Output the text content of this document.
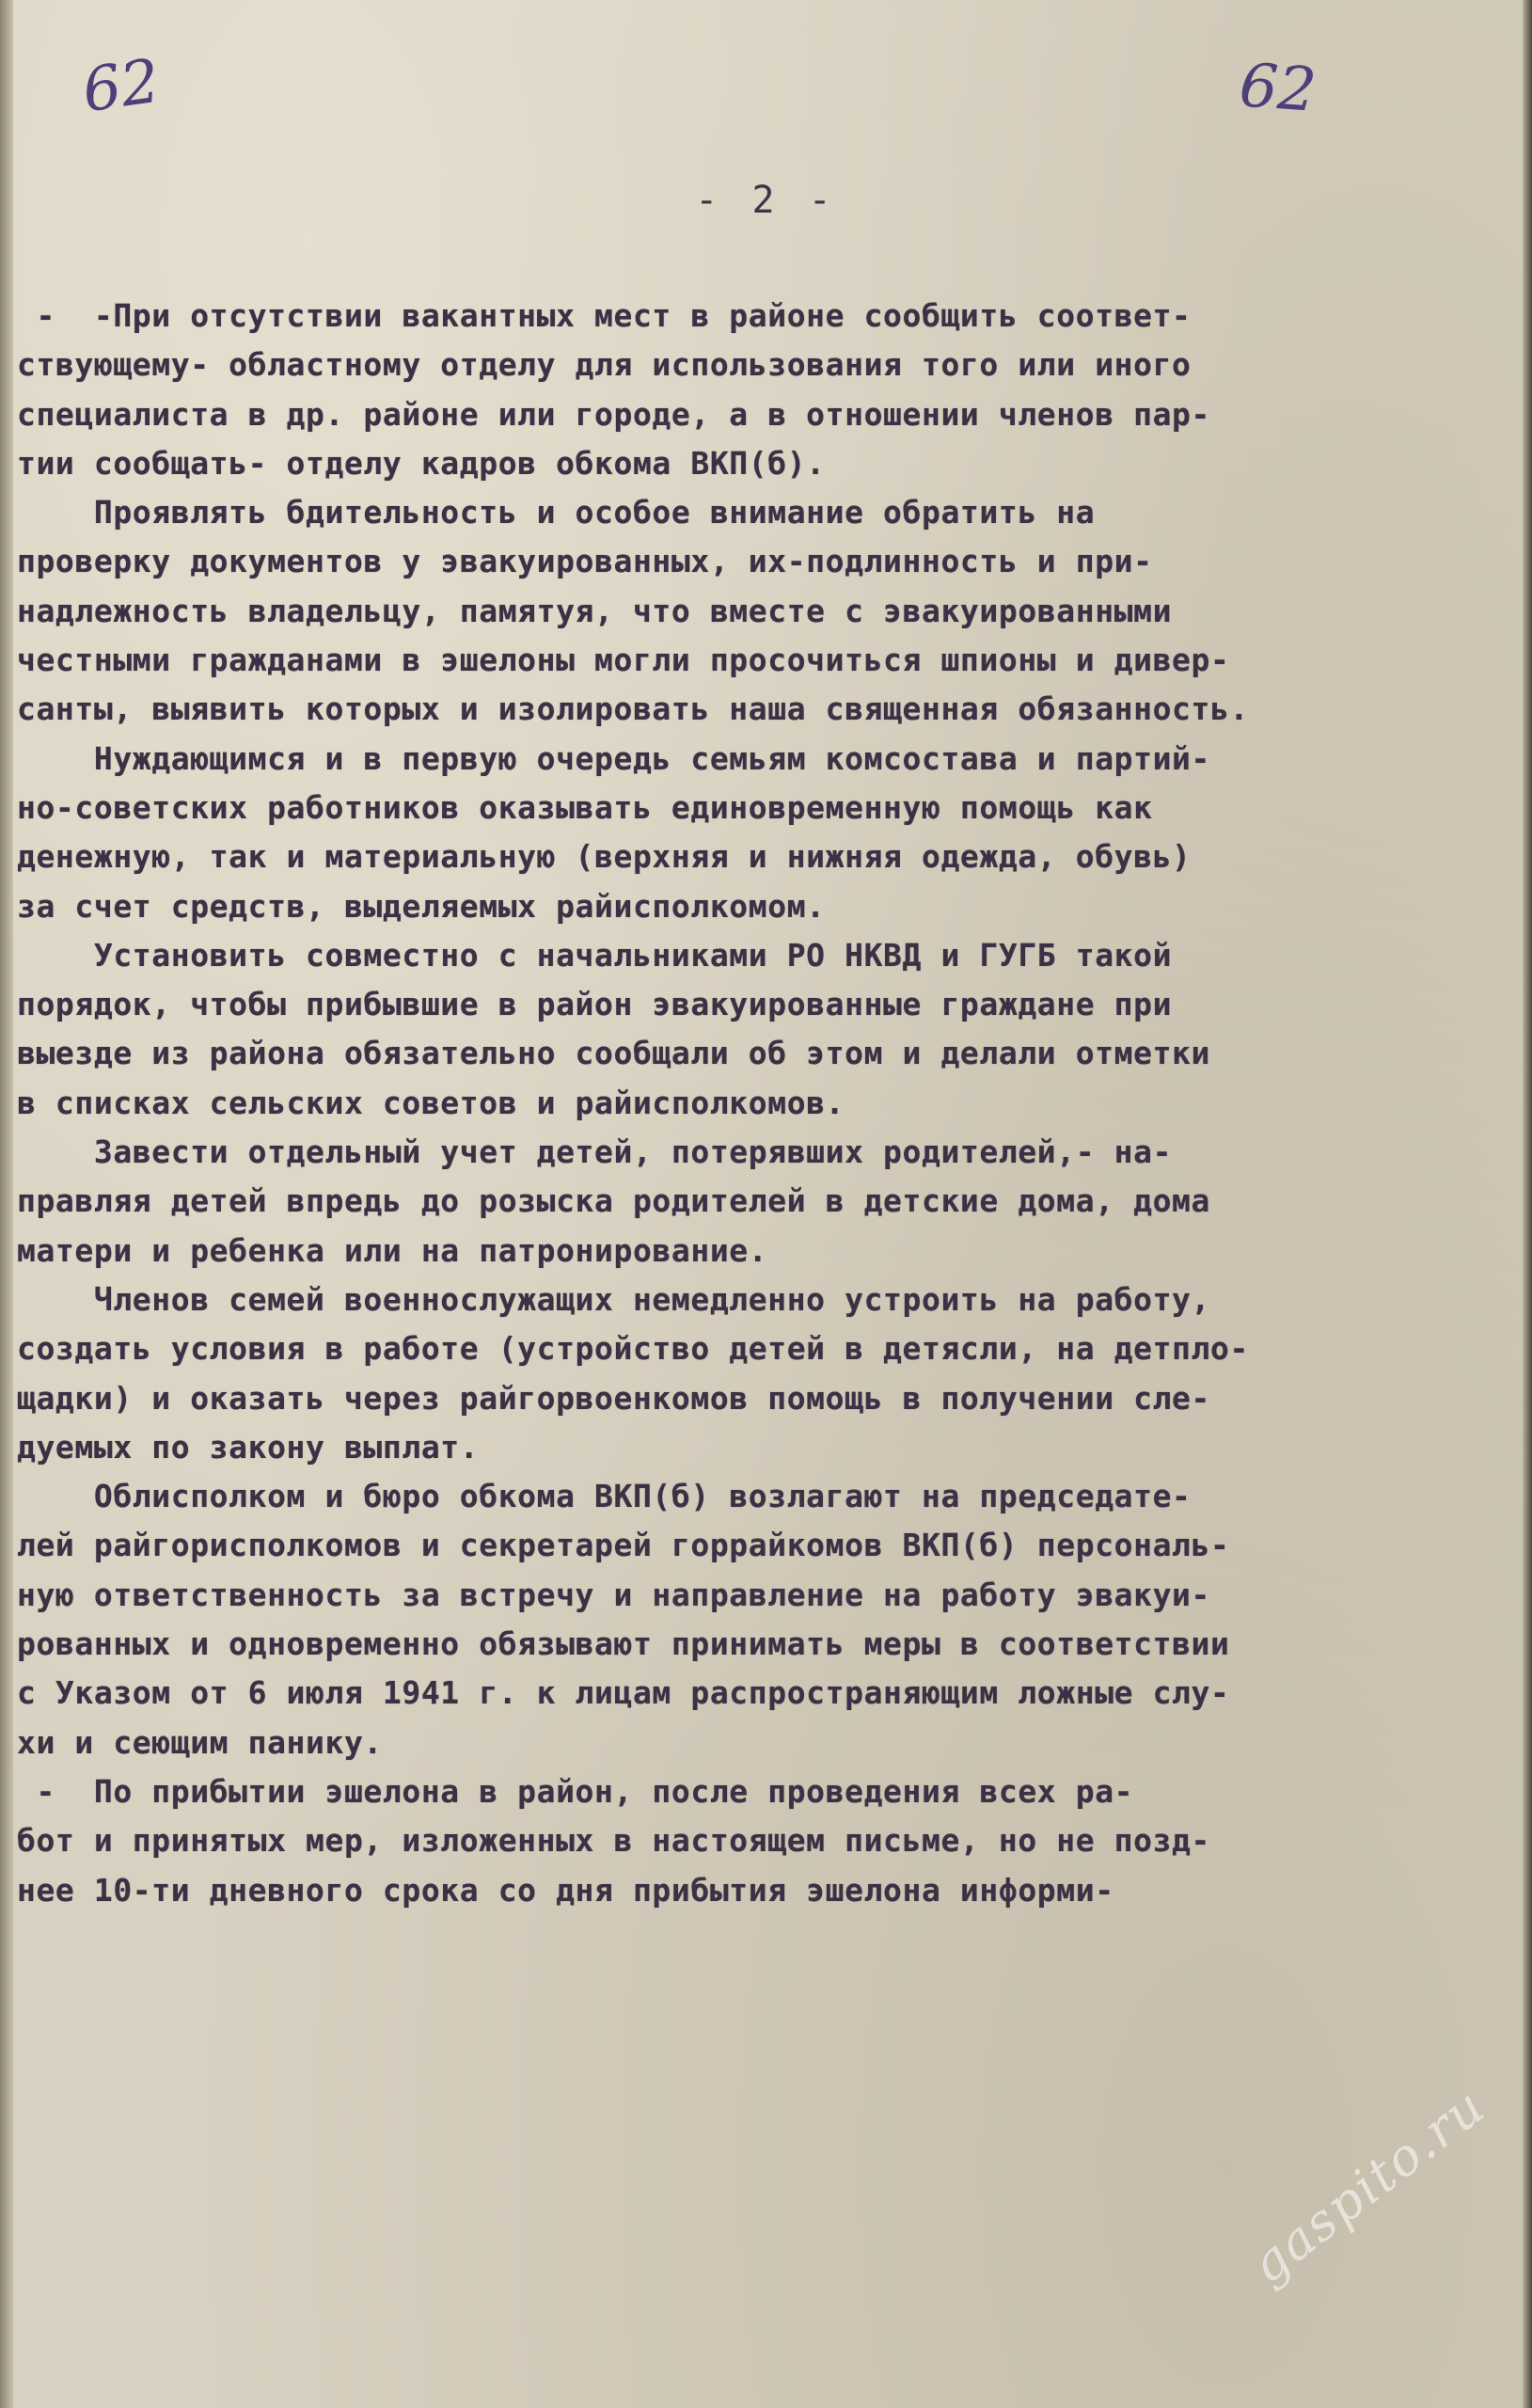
62	62
- 2 -
-  -При отсутствии вакантных мест в районе сообщить соответ-
ствующему- областному отделу для использования того или иного
специалиста в др. районе или городе, а в отношении членов пар-
тии сообщать- отделу кадров обкома ВКП(б).
Проявлять бдительность и особое внимание обратить на
проверку документов у эвакуированных, их-подлинность и при-
надлежность владельцу, памятуя, что вместе с эвакуированными
честными гражданами в эшелоны могли просочиться шпионы и дивер-
санты, выявить которых и изолировать наша священная обязанность.
Нуждающимся и в первую очередь семьям комсостава и партий-
но-советских работников оказывать единовременную помощь как
денежную, так и материальную (верхняя и нижняя одежда, обувь)
за счет средств, выделяемых райисполкомом.
Установить совместно с начальниками РО НКВД и ГУГБ такой
порядок, чтобы прибывшие в район эвакуированные граждане при
выезде из района обязательно сообщали об этом и делали отметки
в списках сельских советов и райисполкомов.
Завести отдельный учет детей, потерявших родителей,- на-
правляя детей впредь до розыска родителей в детские дома, дома
матери и ребенка или на патронирование.
Членов семей военнослужащих немедленно устроить на работу,
создать условия в работе (устройство детей в детясли, на детпло-
щадки) и оказать через райгорвоенкомов помощь в получении сле-
дуемых по закону выплат.
Облисполком и бюро обкома ВКП(б) возлагают на председате-
лей райгорисполкомов и секретарей горрайкомов ВКП(б) персональ-
ную ответственность за встречу и направление на работу эвакуи-
рованных и одновременно обязывают принимать меры в соответствии
с Указом от 6 июля 1941 г. к лицам распространяющим ложные слу-
хи и сеющим панику.
-  По прибытии эшелона в район, после проведения всех ра-
бот и принятых мер, изложенных в настоящем письме, но не позд-
нее 10-ти дневного срока со дня прибытия эшелона информи-
gaspito.ru
